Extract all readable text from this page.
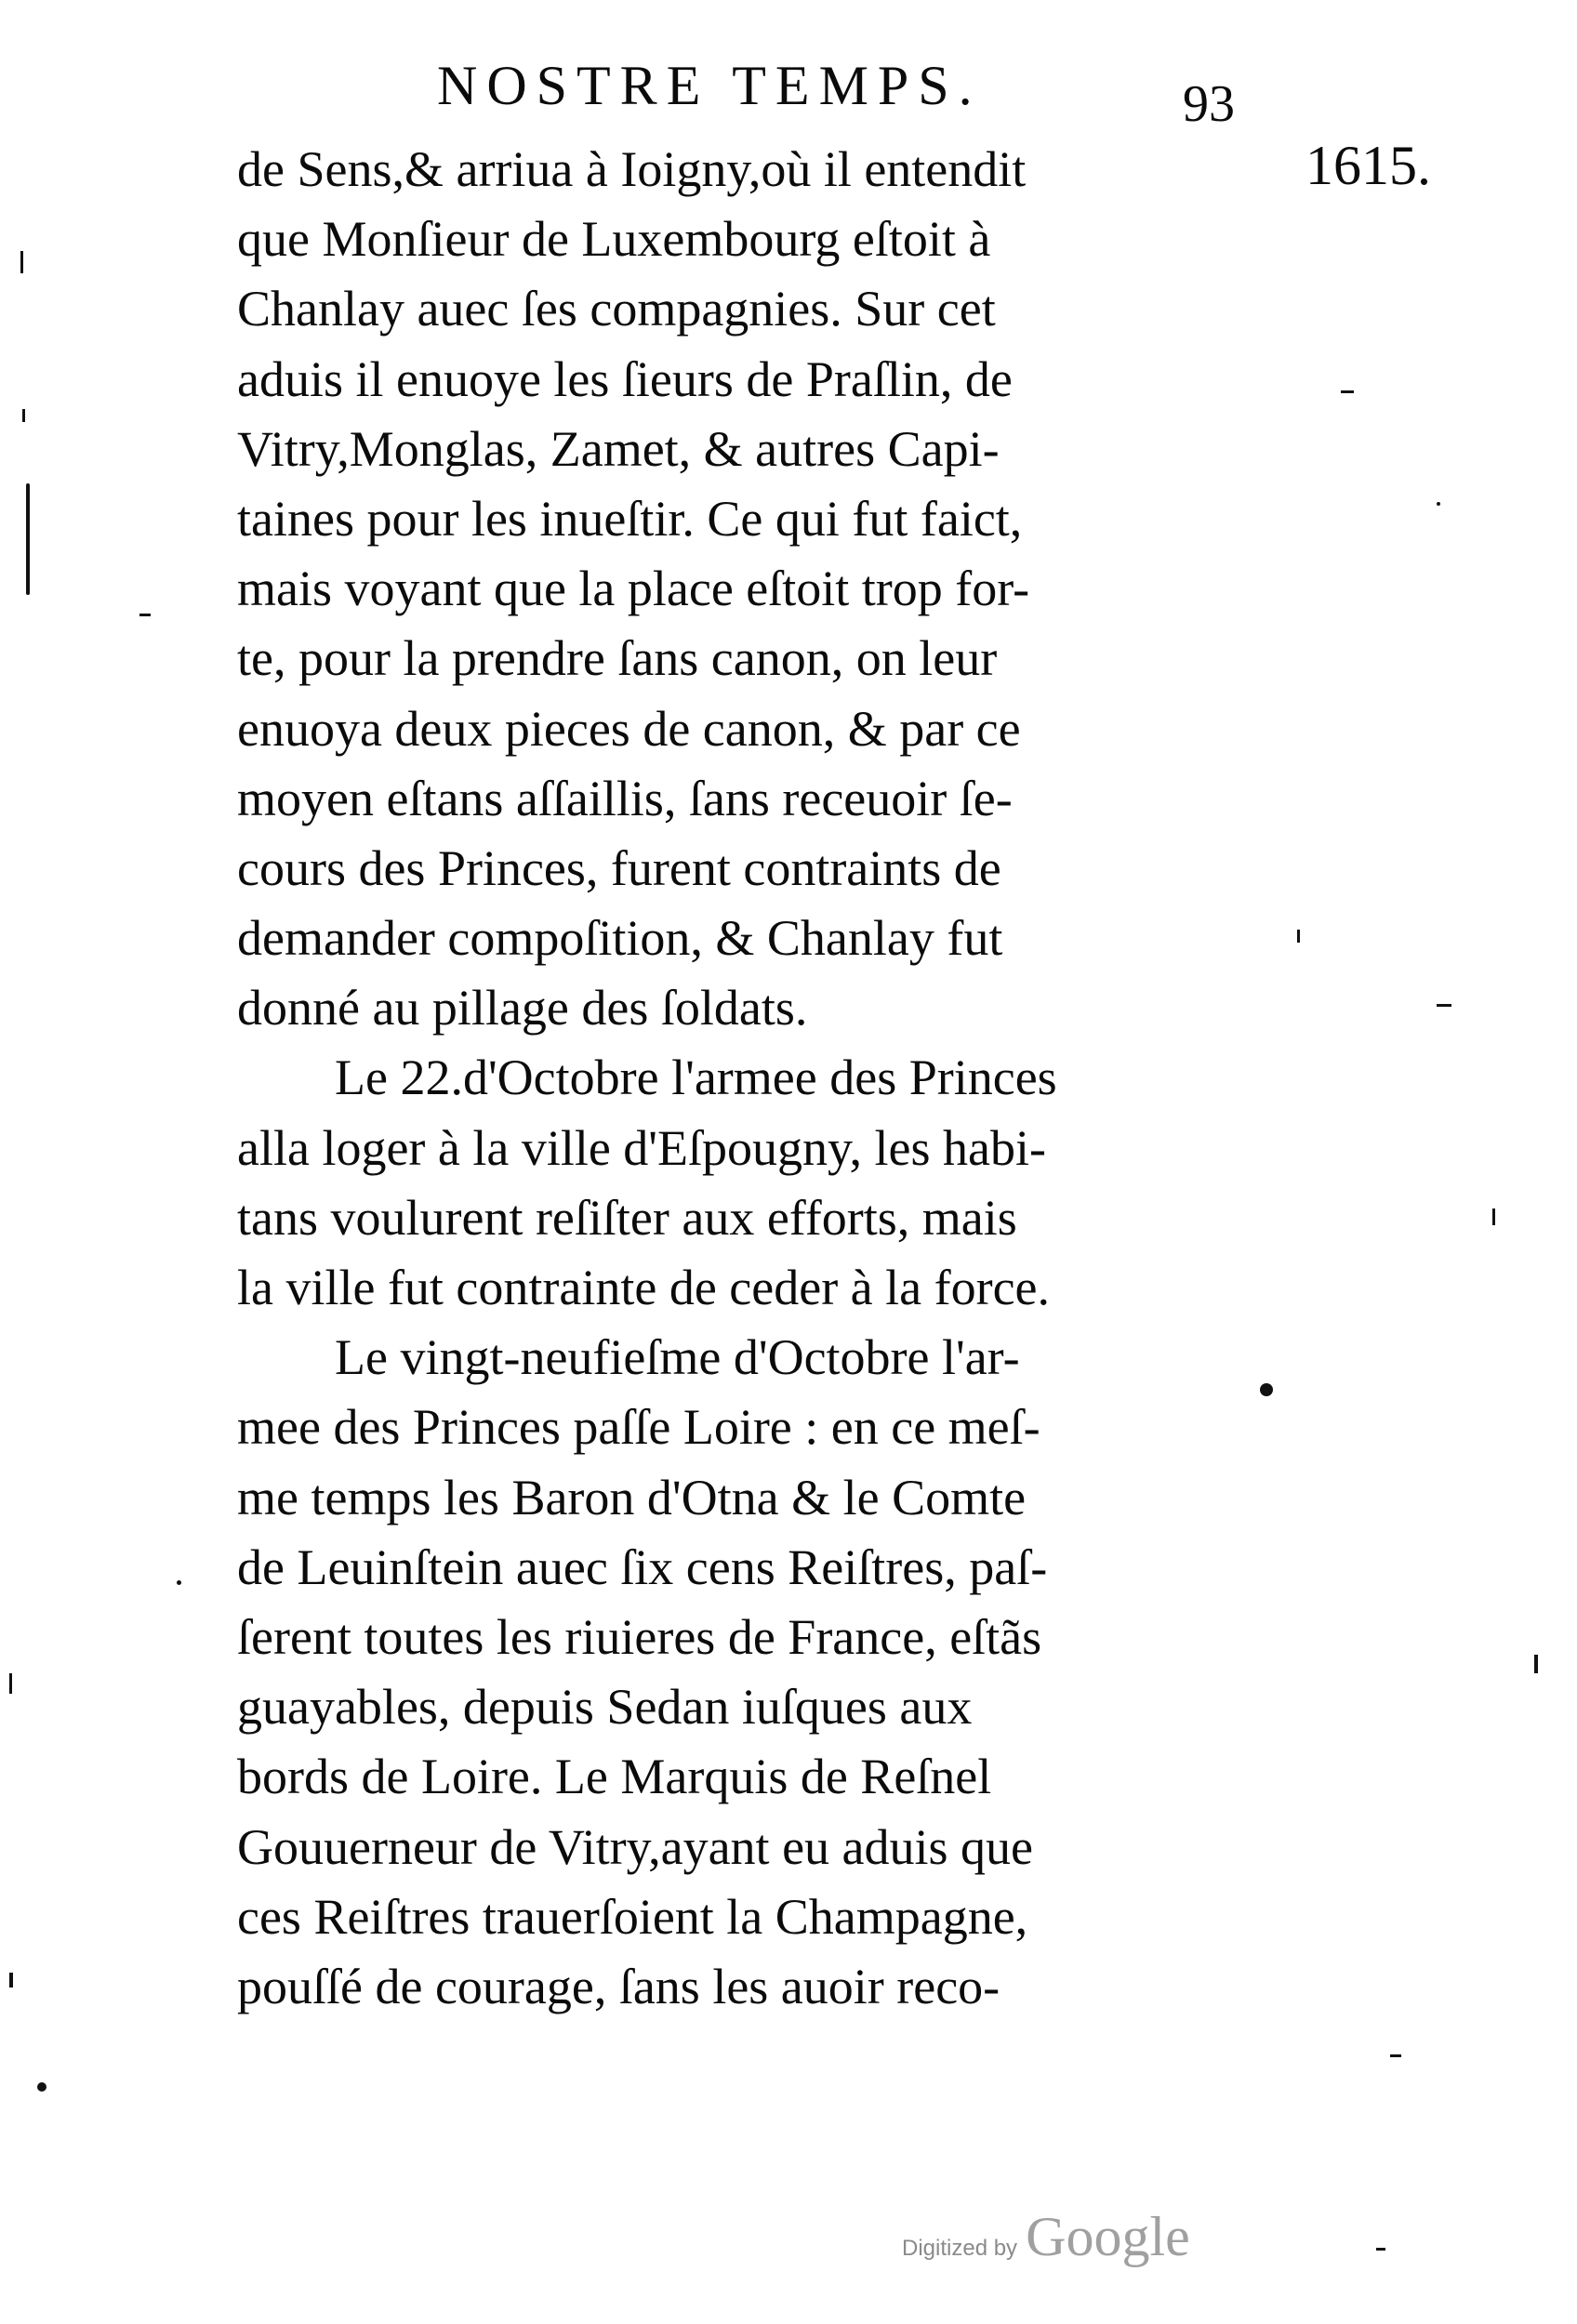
NOSTRE TEMPS.	93
1615.
de Sens,& arriua à Ioigny,où il entendit
que Monſieur de Luxembourg eſtoit à
Chanlay auec ſes compagnies. Sur cet
aduis il enuoye les ſieurs de Praſlin, de
Vitry,Monglas, Zamet, & autres Capi-
taines pour les inueſtir. Ce qui fut faict,
mais voyant que la place eſtoit trop for-
te, pour la prendre ſans canon, on leur
enuoya deux pieces de canon, & par ce
moyen eſtans aſſaillis, ſans receuoir ſe-
cours des Princes, furent contraints de
demander compoſition, & Chanlay fut
donné au pillage des ſoldats.
Le 22.d'Octobre l'armee des Princes
alla loger à la ville d'Eſpougny, les habi-
tans voulurent reſiſter aux efforts, mais
la ville fut contrainte de ceder à la force.
Le vingt-neufieſme d'Octobre l'ar-
mee des Princes paſſe Loire : en ce meſ-
me temps les Baron d'Otna & le Comte
de Leuinſtein auec ſix cens Reiſtres, paſ-
ſerent toutes les riuieres de France, eſtãs
guayables, depuis Sedan iuſques aux
bords de Loire. Le Marquis de Reſnel
Gouuerneur de Vitry,ayant eu aduis que
ces Reiſtres trauerſoient la Champagne,
pouſſé de courage, ſans les auoir reco-
Digitized by Google
